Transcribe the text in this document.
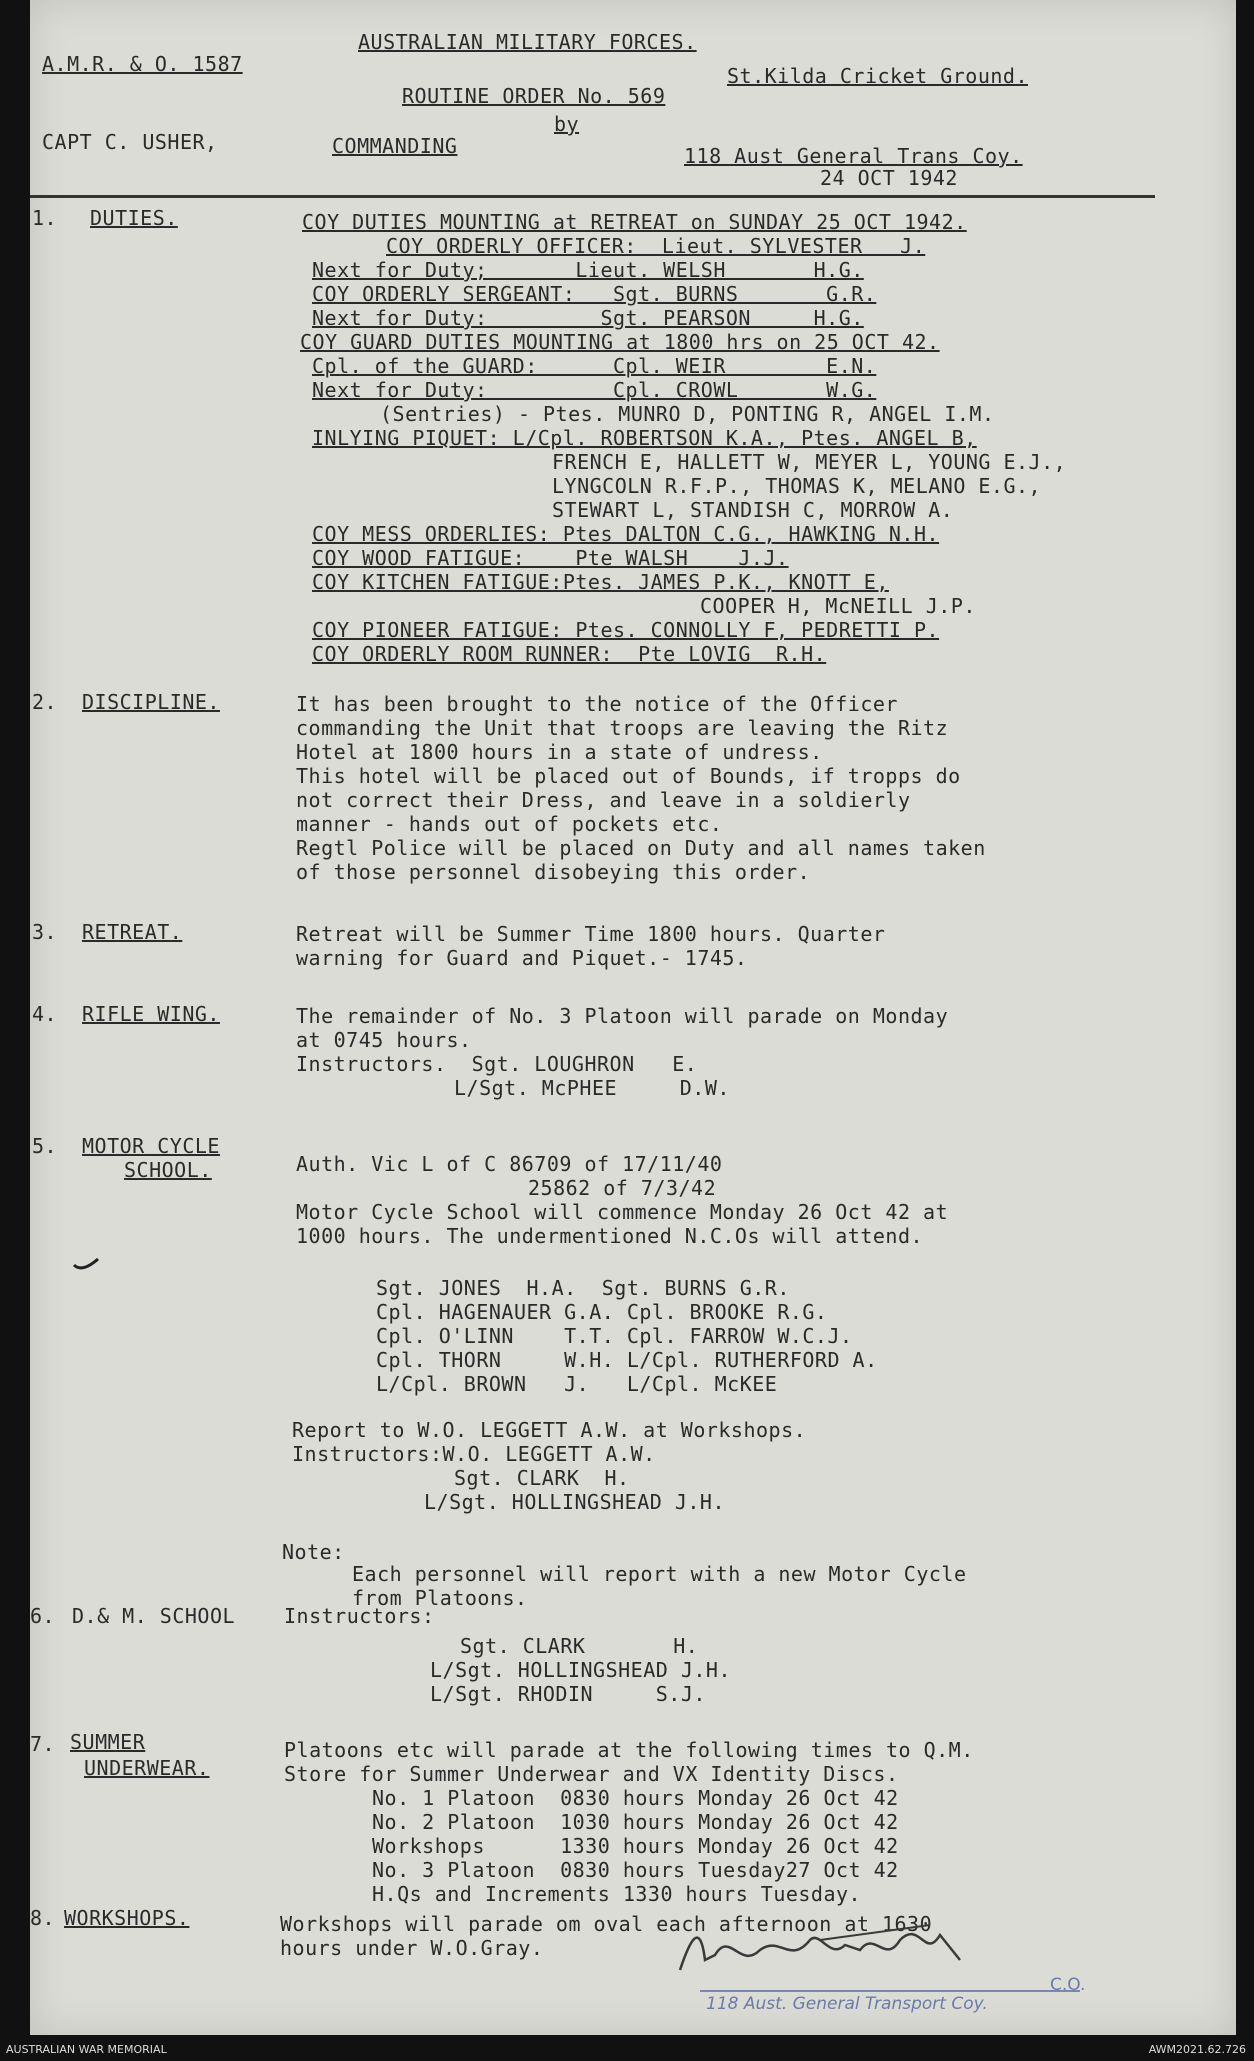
AUSTRALIAN MILITARY FORCES.
A.M.R. & O. 1587	St.Kilda Cricket Ground.
ROUTINE ORDER No. 569
by
CAPT C. USHER,	COMMANDING	118 Aust General Trans Coy.
24 OCT 1942
1. DUTIES.	COY DUTIES MOUNTING at RETREAT on SUNDAY 25 OCT 1942.
COY ORDERLY OFFICER:  Lieut. SYLVESTER   J.
Next for Duty;       Lieut. WELSH       H.G.
COY ORDERLY SERGEANT:   Sgt. BURNS       G.R.
Next for Duty:         Sgt. PEARSON     H.G.
COY GUARD DUTIES MOUNTING at 1800 hrs on 25 OCT 42.
Cpl. of the GUARD:      Cpl. WEIR        E.N.
Next for Duty:          Cpl. CROWL       W.G.
(Sentries) - Ptes. MUNRO D, PONTING R, ANGEL I.M.
INLYING PIQUET: L/Cpl. ROBERTSON K.A., Ptes. ANGEL B,
FRENCH E, HALLETT W, MEYER L, YOUNG E.J.,
LYNGCOLN R.F.P., THOMAS K, MELANO E.G.,
STEWART L, STANDISH C, MORROW A.
COY MESS ORDERLIES: Ptes DALTON C.G., HAWKING N.H.
COY WOOD FATIGUE:    Pte WALSH    J.J.
COY KITCHEN FATIGUE:Ptes. JAMES P.K., KNOTT E,
COOPER H, McNEILL J.P.
COY PIONEER FATIGUE: Ptes. CONNOLLY F, PEDRETTI P.
COY ORDERLY ROOM RUNNER:  Pte LOVIG  R.H.
2. DISCIPLINE.	It has been brought to the notice of the Officer
commanding the Unit that troops are leaving the Ritz
Hotel at 1800 hours in a state of undress.
This hotel will be placed out of Bounds, if tropps do
not correct their Dress, and leave in a soldierly
manner - hands out of pockets etc.
Regtl Police will be placed on Duty and all names taken
of those personnel disobeying this order.
3. RETREAT.	Retreat will be Summer Time 1800 hours. Quarter
warning for Guard and Piquet.- 1745.
4. RIFLE WING.	The remainder of No. 3 Platoon will parade on Monday
at 0745 hours.
Instructors.  Sgt. LOUGHRON   E.
L/Sgt. McPHEE     D.W.
5. MOTOR CYCLE
SCHOOL.	Auth. Vic L of C 86709 of 17/11/40
25862 of 7/3/42
Motor Cycle School will commence Monday 26 Oct 42 at
1000 hours. The undermentioned N.C.Os will attend.
Sgt. JONES  H.A.  Sgt. BURNS G.R.
Cpl. HAGENAUER G.A. Cpl. BROOKE R.G.
Cpl. O'LINN    T.T. Cpl. FARROW W.C.J.
Cpl. THORN     W.H. L/Cpl. RUTHERFORD A.
L/Cpl. BROWN   J.   L/Cpl. McKEE
Report to W.O. LEGGETT A.W. at Workshops.
Instructors:W.O. LEGGETT A.W.
Sgt. CLARK  H.
L/Sgt. HOLLINGSHEAD J.H.
Note:
Each personnel will report with a new Motor Cycle
from Platoons.
6. D.& M. SCHOOL Instructors:
Sgt. CLARK       H.
L/Sgt. HOLLINGSHEAD J.H.
L/Sgt. RHODIN     S.J.
7. SUMMER
UNDERWEAR.
Platoons etc will parade at the following times to Q.M.
Store for Summer Underwear and VX Identity Discs.
No. 1 Platoon  0830 hours Monday 26 Oct 42
No. 2 Platoon  1030 hours Monday 26 Oct 42
Workshops      1330 hours Monday 26 Oct 42
No. 3 Platoon  0830 hours Tuesday27 Oct 42
H.Qs and Increments 1330 hours Tuesday.
8. WORKSHOPS.	Workshops will parade om oval each afternoon at 1630
hours under W.O.Gray.
118 Aust. General Transport Coy.
C.O.
AUSTRALIAN WAR MEMORIAL	AWM2021.62.726
